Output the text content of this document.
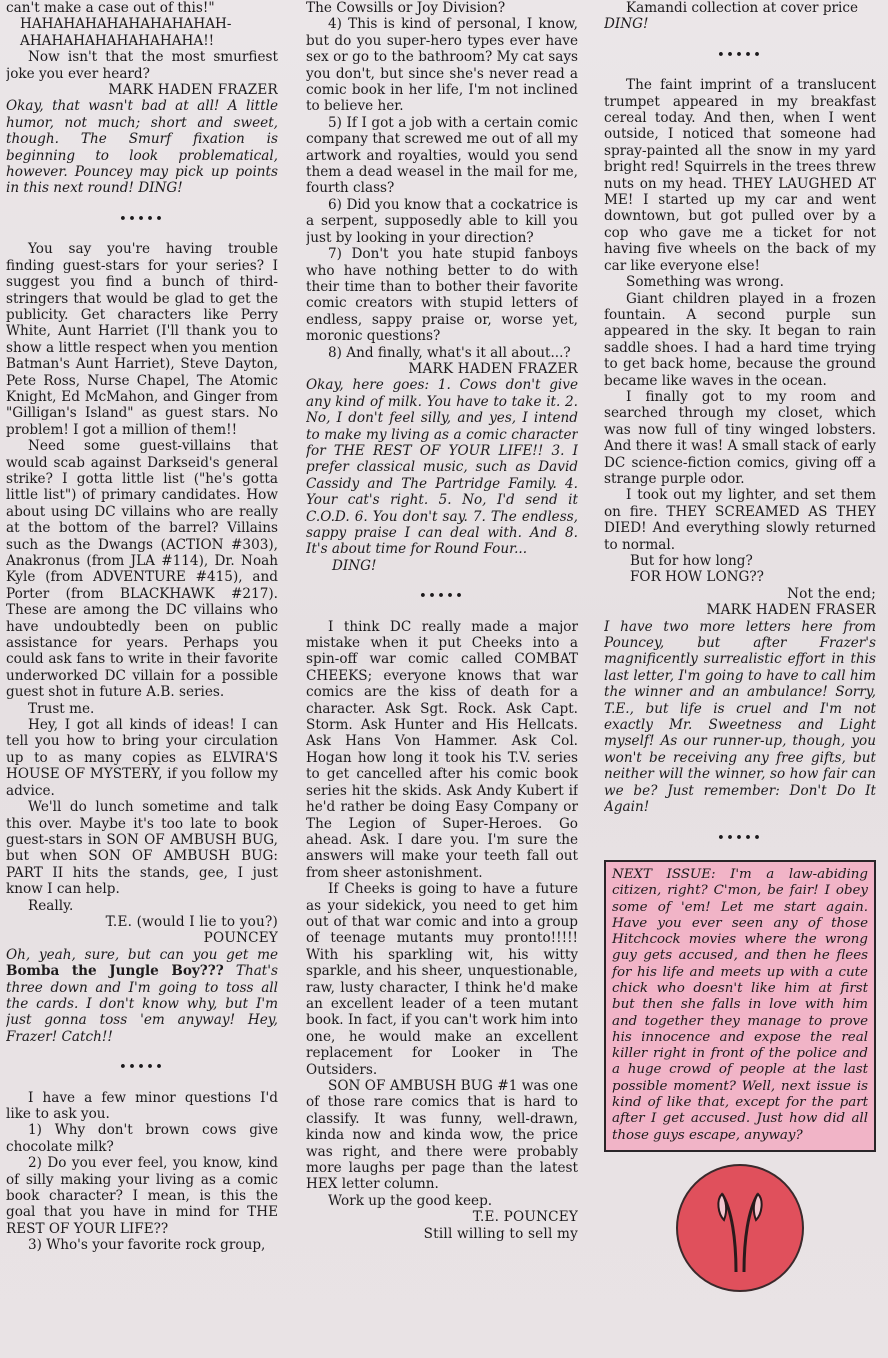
can't make a case out of this!"

HAHAHAHAHAHAHAHAHAH-AHAHAHAHAHAHAHAHA!!

Now isn't that the most smurfiest joke you ever heard?

MARK HADEN FRAZER

Okay, that wasn't bad at all! A little humor, not much; short and sweet, though. The Smurf fixation is beginning to look problematical, however. Pouncey may pick up points in this next round! DING!

•••••

You say you're having trouble finding guest-stars for your series? I suggest you find a bunch of third-stringers that would be glad to get the publicity. Get characters like Perry White, Aunt Harriet (I'll thank you to show a little respect when you mention Batman's Aunt Harriet), Steve Dayton, Pete Ross, Nurse Chapel, The Atomic Knight, Ed McMahon, and Ginger from "Gilligan's Island" as guest stars. No problem! I got a million of them!!

Need some guest-villains that would scab against Darkseid's general strike? I gotta little list ("he's gotta little list") of primary candidates. How about using DC villains who are really at the bottom of the barrel? Villains such as the Dwangs (ACTION #303), Anakronus (from JLA #114), Dr. Noah Kyle (from ADVENTURE #415), and Porter (from BLACKHAWK #217). These are among the DC villains who have undoubtedly been on public assistance for years. Perhaps you could ask fans to write in their favorite underworked DC villain for a possible guest shot in future A.B. series.

Trust me.

Hey, I got all kinds of ideas! I can tell you how to bring your circulation up to as many copies as ELVIRA'S HOUSE OF MYSTERY, if you follow my advice.

We'll do lunch sometime and talk this over. Maybe it's too late to book guest-stars in SON OF AMBUSH BUG, but when SON OF AMBUSH BUG: PART II hits the stands, gee, I just know I can help.

Really.

T.E. (would I lie to you?)

POUNCEY

Oh, yeah, sure, but can you get me Bomba the Jungle Boy??? That's three down and I'm going to toss all the cards. I don't know why, but I'm just gonna toss 'em anyway! Hey, Frazer! Catch!!

•••••

I have a few minor questions I'd like to ask you.

1) Why don't brown cows give chocolate milk?

2) Do you ever feel, you know, kind of silly making your living as a comic book character? I mean, is this the goal that you have in mind for THE REST OF YOUR LIFE??

3) Who's your favorite rock group,

The Cowsills or Joy Division?

4) This is kind of personal, I know, but do you super-hero types ever have sex or go to the bathroom? My cat says you don't, but since she's never read a comic book in her life, I'm not inclined to believe her.

5) If I got a job with a certain comic company that screwed me out of all my artwork and royalties, would you send them a dead weasel in the mail for me, fourth class?

6) Did you know that a cockatrice is a serpent, supposedly able to kill you just by looking in your direction?

7) Don't you hate stupid fanboys who have nothing better to do with their time than to bother their favorite comic creators with stupid letters of endless, sappy praise or, worse yet, moronic questions?

8) And finally, what's it all about...?

MARK HADEN FRAZER

Okay, here goes: 1. Cows don't give any kind of milk. You have to take it. 2. No, I don't feel silly, and yes, I intend to make my living as a comic character for THE REST OF YOUR LIFE!! 3. I prefer classical music, such as David Cassidy and The Partridge Family. 4. Your cat's right. 5. No, I'd send it C.O.D. 6. You don't say. 7. The endless, sappy praise I can deal with. And 8. It's about time for Round Four...

DING!

•••••

I think DC really made a major mistake when it put Cheeks into a spin-off war comic called COMBAT CHEEKS; everyone knows that war comics are the kiss of death for a character. Ask Sgt. Rock. Ask Capt. Storm. Ask Hunter and His Hellcats. Ask Hans Von Hammer. Ask Col. Hogan how long it took his T.V. series to get cancelled after his comic book series hit the skids. Ask Andy Kubert if he'd rather be doing Easy Company or The Legion of Super-Heroes. Go ahead. Ask. I dare you. I'm sure the answers will make your teeth fall out from sheer astonishment.

If Cheeks is going to have a future as your sidekick, you need to get him out of that war comic and into a group of teenage mutants muy pronto!!!!! With his sparkling wit, his witty sparkle, and his sheer, unquestionable, raw, lusty character, I think he'd make an excellent leader of a teen mutant book. In fact, if you can't work him into one, he would make an excellent replacement for Looker in The Outsiders.

SON OF AMBUSH BUG #1 was one of those rare comics that is hard to classify. It was funny, well-drawn, kinda now and kinda wow, the price was right, and there were probably more laughs per page than the latest HEX letter column.

Work up the good keep.

T.E. POUNCEY

Still willing to sell my

Kamandi collection at cover price

DING!

•••••

The faint imprint of a translucent trumpet appeared in my breakfast cereal today. And then, when I went outside, I noticed that someone had spray-painted all the snow in my yard bright red! Squirrels in the trees threw nuts on my head. THEY LAUGHED AT ME! I started up my car and went downtown, but got pulled over by a cop who gave me a ticket for not having five wheels on the back of my car like everyone else!

Something was wrong.

Giant children played in a frozen fountain. A second purple sun appeared in the sky. It began to rain saddle shoes. I had a hard time trying to get back home, because the ground became like waves in the ocean.

I finally got to my room and searched through my closet, which was now full of tiny winged lobsters. And there it was! A small stack of early DC science-fiction comics, giving off a strange purple odor.

I took out my lighter, and set them on fire. THEY SCREAMED AS THEY DIED! And everything slowly returned to normal.

But for how long?

FOR HOW LONG??

Not the end;

MARK HADEN FRASER

I have two more letters here from Pouncey, but after Frazer's magnificently surrealistic effort in this last letter, I'm going to have to call him the winner and an ambulance! Sorry, T.E., but life is cruel and I'm not exactly Mr. Sweetness and Light myself! As our runner-up, though, you won't be receiving any free gifts, but neither will the winner, so how fair can we be? Just remember: Don't Do It Again!

•••••

NEXT ISSUE: I'm a law-abiding citizen, right? C'mon, be fair! I obey some of 'em! Let me start again. Have you ever seen any of those Hitchcock movies where the wrong guy gets accused, and then he flees for his life and meets up with a cute chick who doesn't like him at first but then she falls in love with him and together they manage to prove his innocence and expose the real killer right in front of the police and a huge crowd of people at the last possible moment? Well, next issue is kind of like that, except for the part after I get accused. Just how did all those guys escape, anyway?
